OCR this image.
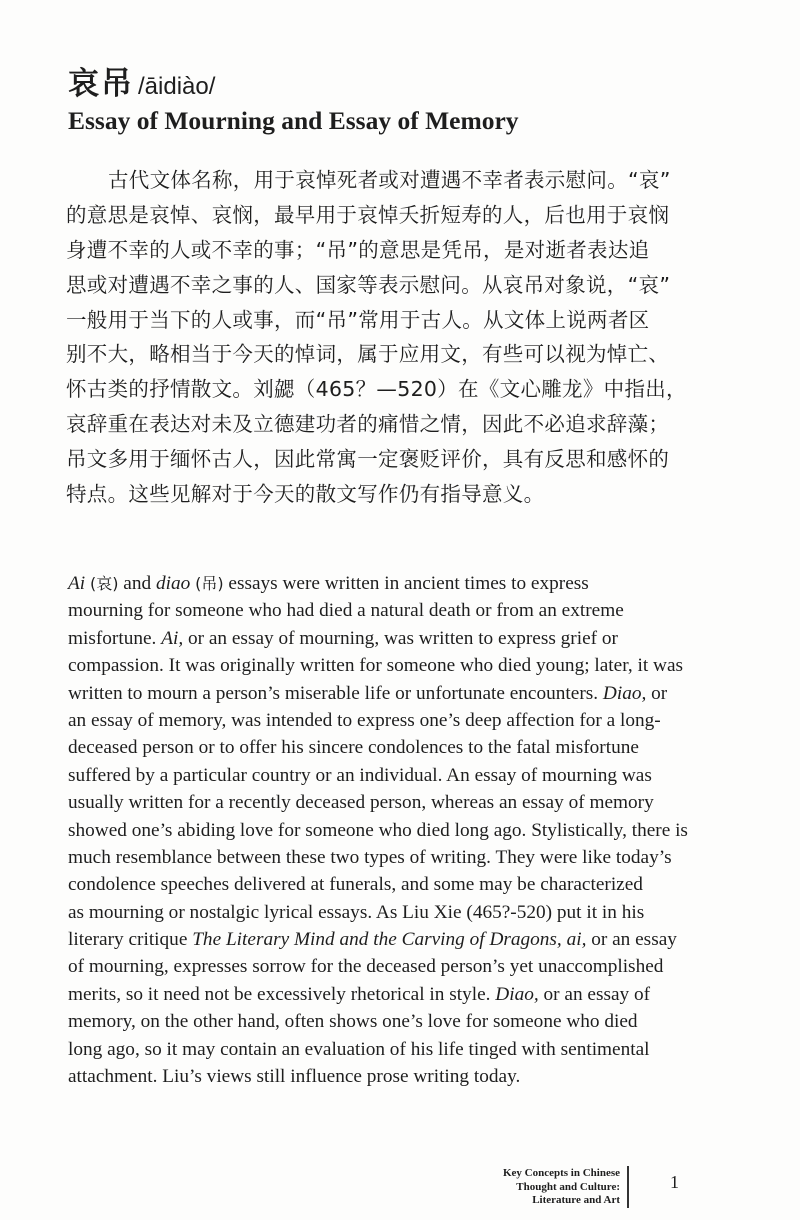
哀吊 /āidiào/
Essay of Mourning and Essay of Memory
古代文体名称，用于哀悼死者或对遭遇不幸者表示慰问。“哀”
的意思是哀悼、哀悯，最早用于哀悼夭折短寿的人，后也用于哀悯
身遭不幸的人或不幸的事；“吊”的意思是凭吊，是对逝者表达追
思或对遭遇不幸之事的人、国家等表示慰问。从哀吊对象说，“哀”
一般用于当下的人或事，而“吊”常用于古人。从文体上说两者区
别不大，略相当于今天的悼词，属于应用文，有些可以视为悼亡、
怀古类的抒情散文。刘勰（465？—520）在《文心雕龙》中指出，
哀辞重在表达对未及立德建功者的痛惜之情，因此不必追求辞藻；
吊文多用于缅怀古人，因此常寓一定褒贬评价，具有反思和感怀的
特点。这些见解对于今天的散文写作仍有指导意义。
Ai (哀) and diao (吊) essays were written in ancient times to express
mourning for someone who had died a natural death or from an extreme
misfortune. Ai, or an essay of mourning, was written to express grief or
compassion. It was originally written for someone who died young; later, it was
written to mourn a person’s miserable life or unfortunate encounters. Diao, or
an essay of memory, was intended to express one’s deep affection for a long-
deceased person or to offer his sincere condolences to the fatal misfortune
suffered by a particular country or an individual. An essay of mourning was
usually written for a recently deceased person, whereas an essay of memory
showed one’s abiding love for someone who died long ago. Stylistically, there is
much resemblance between these two types of writing. They were like today’s
condolence speeches delivered at funerals, and some may be characterized
as mourning or nostalgic lyrical essays. As Liu Xie (465?-520) put it in his
literary critique The Literary Mind and the Carving of Dragons, ai, or an essay
of mourning, expresses sorrow for the deceased person’s yet unaccomplished
merits, so it need not be excessively rhetorical in style. Diao, or an essay of
memory, on the other hand, often shows one’s love for someone who died
long ago, so it may contain an evaluation of his life tinged with sentimental
attachment. Liu’s views still influence prose writing today.
Key Concepts in Chinese
Thought and Culture:
Literature and Art
1
